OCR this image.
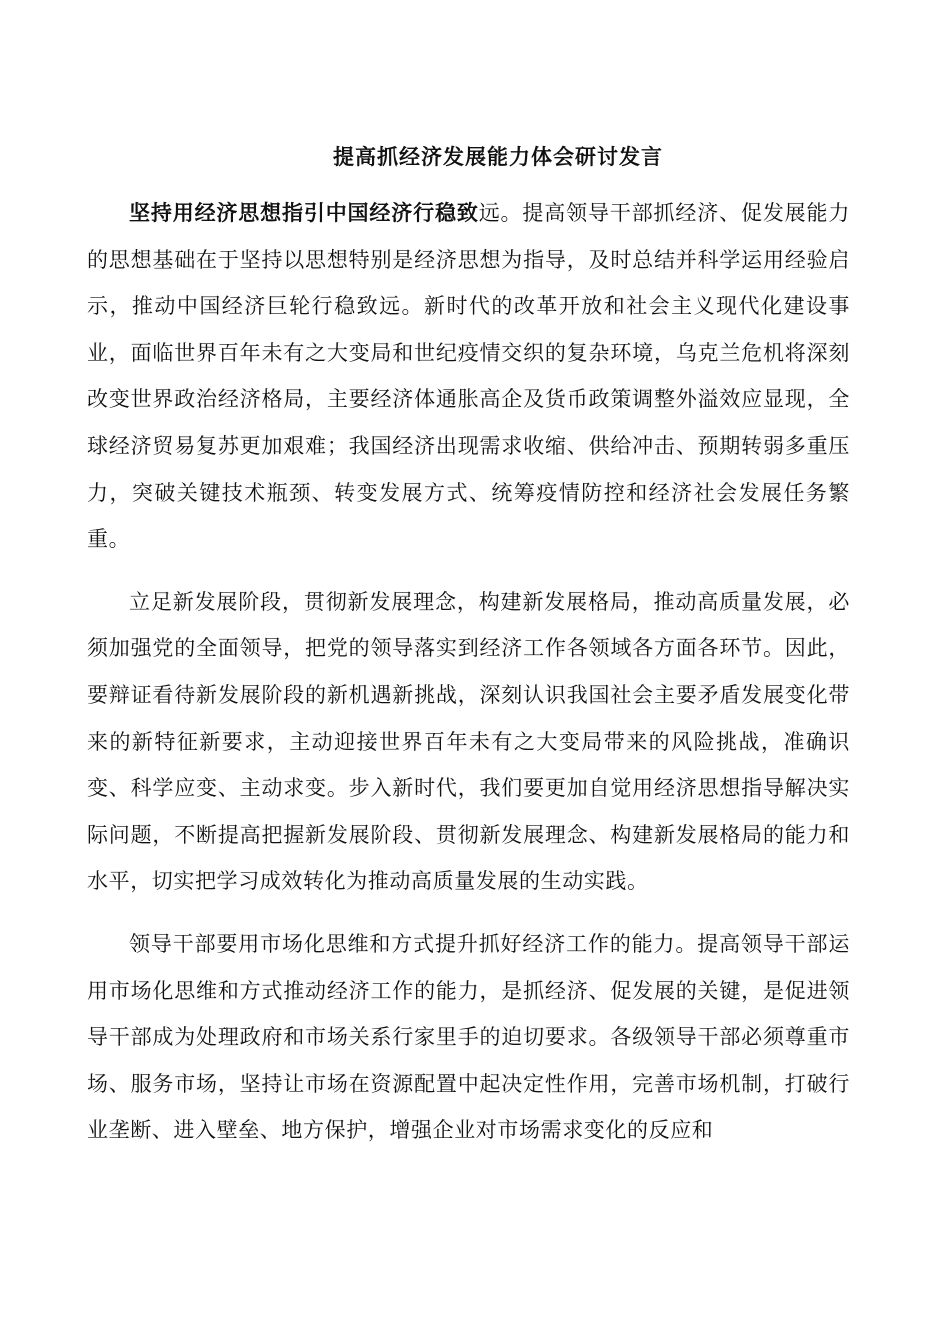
提高抓经济发展能力体会研讨发言

坚持用经济思想指引中国经济行稳致远。提高领导干部抓经济、促发展能力的思想基础在于坚持以思想特别是经济思想为指导，及时总结并科学运用经验启示，推动中国经济巨轮行稳致远。新时代的改革开放和社会主义现代化建设事业，面临世界百年未有之大变局和世纪疫情交织的复杂环境，乌克兰危机将深刻改变世界政治经济格局，主要经济体通胀高企及货币政策调整外溢效应显现，全球经济贸易复苏更加艰难；我国经济出现需求收缩、供给冲击、预期转弱多重压力，突破关键技术瓶颈、转变发展方式、统筹疫情防控和经济社会发展任务繁重。

立足新发展阶段，贯彻新发展理念，构建新发展格局，推动高质量发展，必须加强党的全面领导，把党的领导落实到经济工作各领域各方面各环节。因此，要辩证看待新发展阶段的新机遇新挑战，深刻认识我国社会主要矛盾发展变化带来的新特征新要求，主动迎接世界百年未有之大变局带来的风险挑战，准确识变、科学应变、主动求变。步入新时代，我们要更加自觉用经济思想指导解决实际问题，不断提高把握新发展阶段、贯彻新发展理念、构建新发展格局的能力和水平，切实把学习成效转化为推动高质量发展的生动实践。

领导干部要用市场化思维和方式提升抓好经济工作的能力。提高领导干部运用市场化思维和方式推动经济工作的能力，是抓经济、促发展的关键，是促进领导干部成为处理政府和市场关系行家里手的迫切要求。各级领导干部必须尊重市场、服务市场，坚持让市场在资源配置中起决定性作用，完善市场机制，打破行业垄断、进入壁垒、地方保护，增强企业对市场需求变化的反应和
